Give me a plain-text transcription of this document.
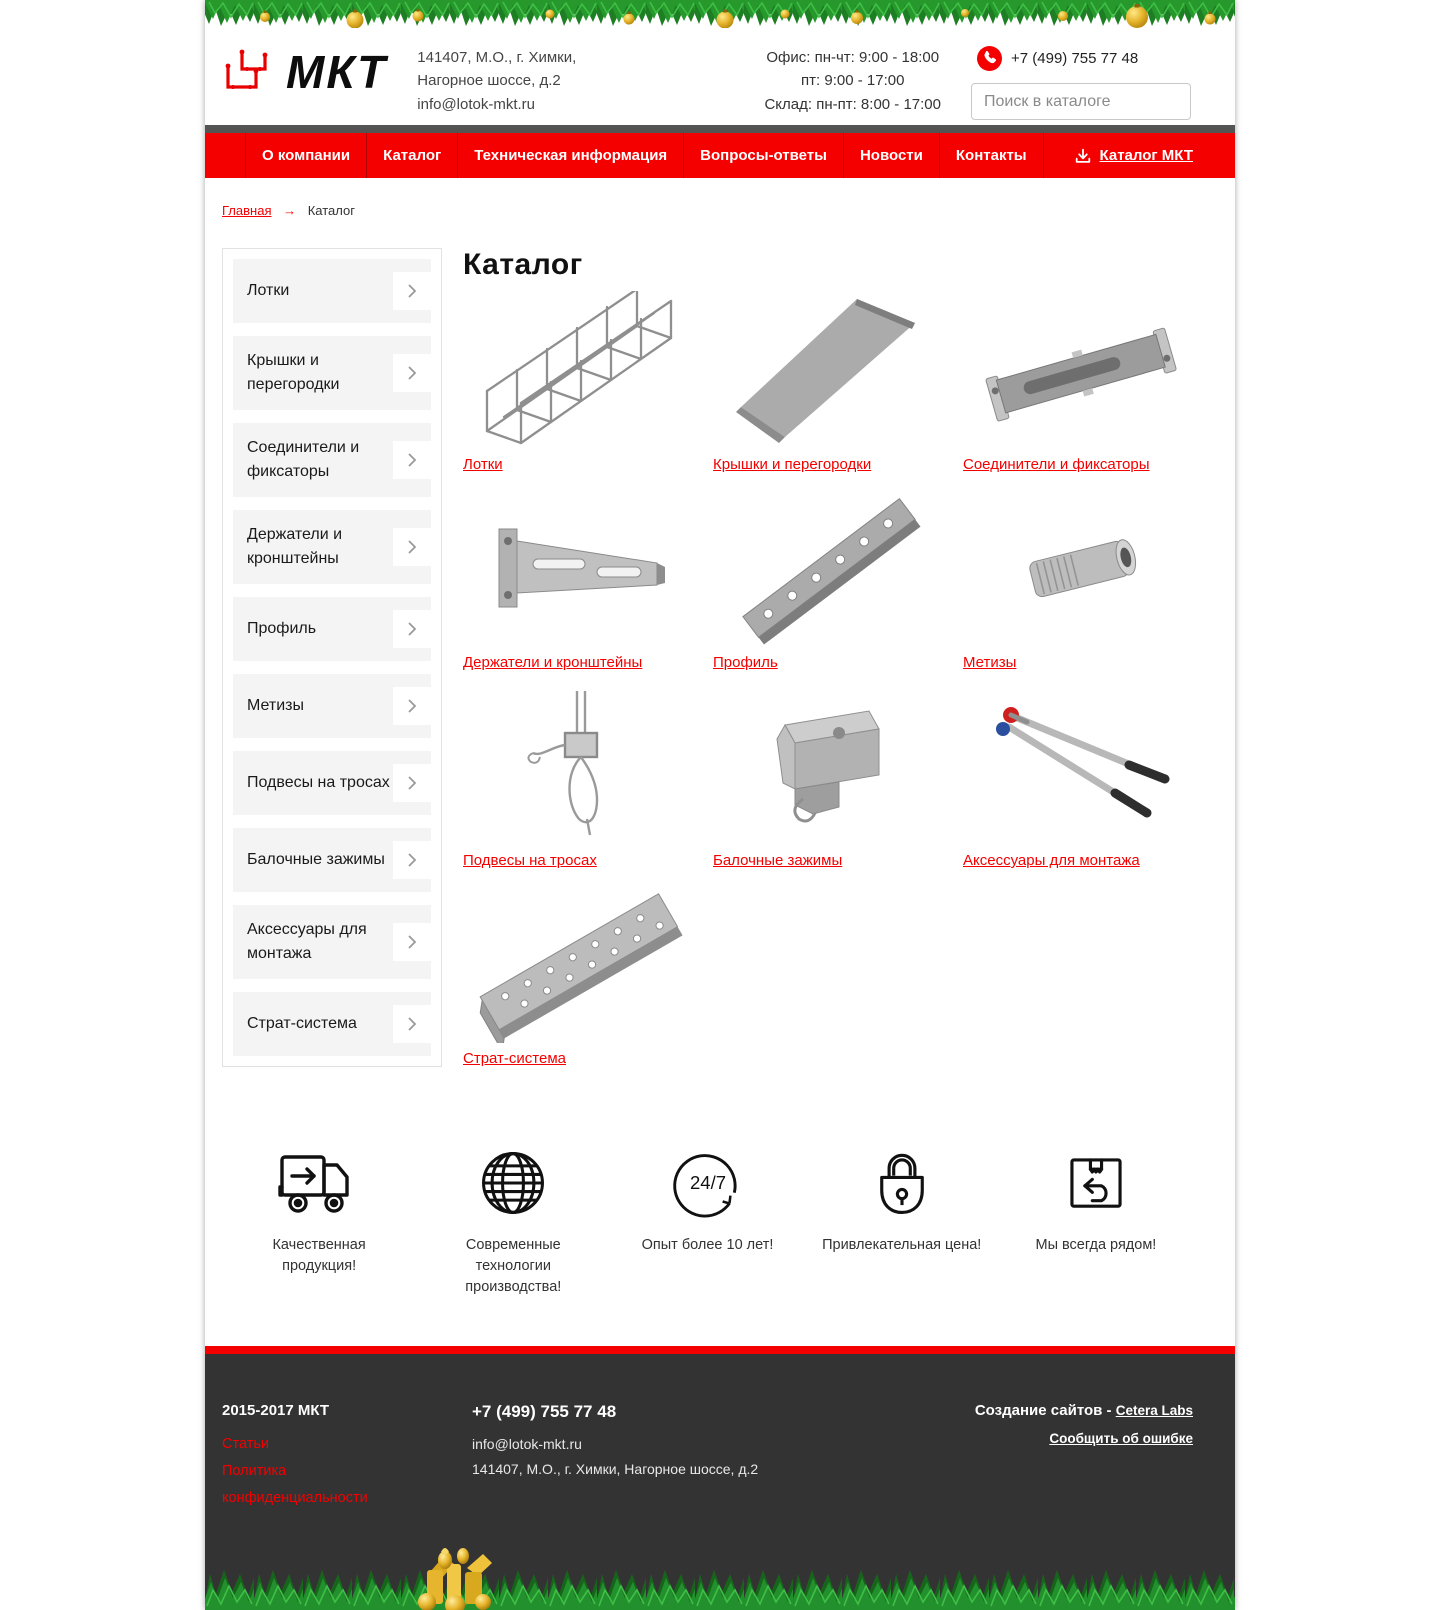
МКТ 141407, М.О., г. Химки,
Нагорное шоссе, д.2
info@lotok-mkt.ru
Офис: пн-чт: 9:00 - 18:00
пт: 9:00 - 17:00
Склад: пн-пт: 8:00 - 17:00
+7 (499) 755 77 48
Поиск в каталоге
О компании	Каталог	Техническая информация	Вопросы-ответы	Новости	Контакты	Каталог МКТ
Главная → Каталог
Лотки
Крышки и перегородки
Соединители и фиксаторы
Держатели и кронштейны
Профиль
Метизы
Подвесы на тросах
Балочные зажимы
Аксессуары для монтажа
Страт-система
Каталог
Лотки	Крышки и перегородки	Соединители и фиксаторы
Держатели и кронштейны	Профиль	Метизы
Подвесы на тросах	Балочные зажимы	Аксессуары для монтажа
Страт-система
Качественная продукция!
Современные технологии производства!
24/7
Опыт более 10 лет!	Привлекательная цена!	Мы всегда рядом!
2015-2017 МКТ
Статьи
Политика конфиденциальности
+7 (499) 755 77 48
info@lotok-mkt.ru
141407, М.О., г. Химки, Нагорное шоссе, д.2
Создание сайтов - Cetera Labs
Сообщить об ошибке
